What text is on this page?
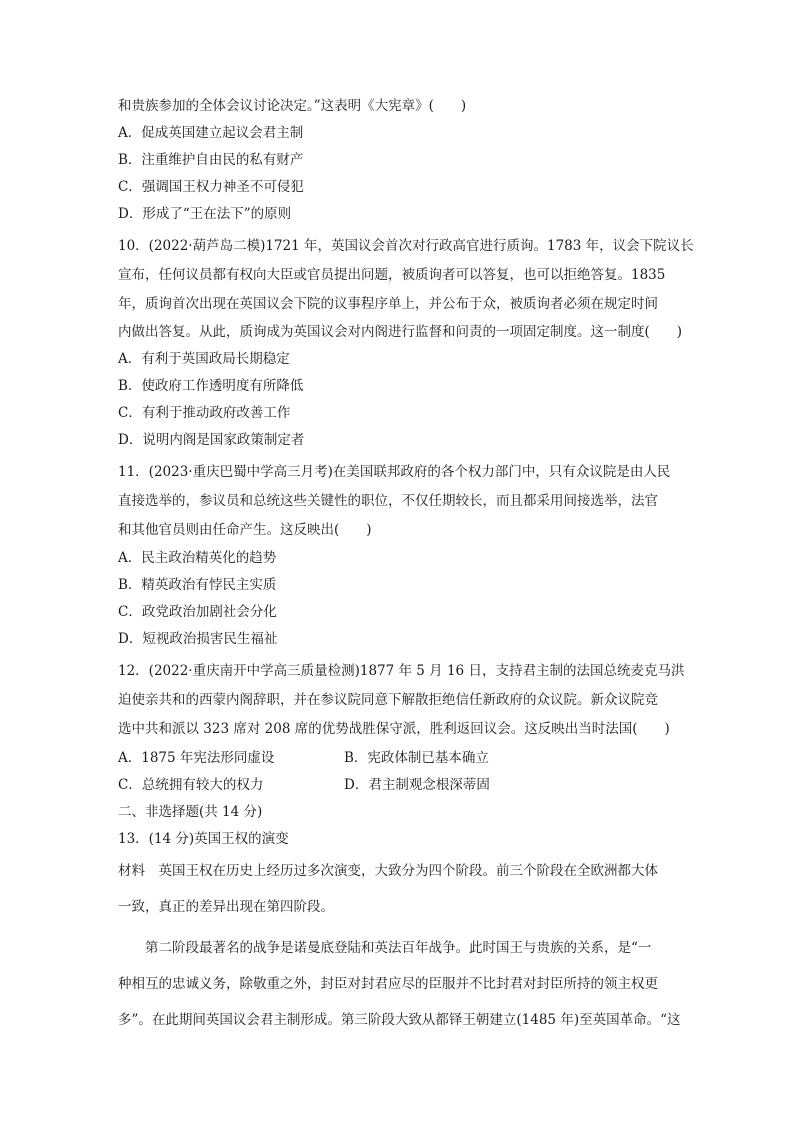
和贵族参加的全体会议讨论决定。”这表明《大宪章》(　　)
A．促成英国建立起议会君主制
B．注重维护自由民的私有财产
C．强调国王权力神圣不可侵犯
D．形成了“王在法下”的原则
10．(2022·葫芦岛二模)1721 年，英国议会首次对行政高官进行质询。1783 年，议会下院议长
宣布，任何议员都有权向大臣或官员提出问题，被质询者可以答复，也可以拒绝答复。1835
年，质询首次出现在英国议会下院的议事程序单上，并公布于众，被质询者必须在规定时间
内做出答复。从此，质询成为英国议会对内阁进行监督和问责的一项固定制度。这一制度(　　)
A．有利于英国政局长期稳定
B．使政府工作透明度有所降低
C．有利于推动政府改善工作
D．说明内阁是国家政策制定者
11．(2023·重庆巴蜀中学高三月考)在美国联邦政府的各个权力部门中，只有众议院是由人民
直接选举的，参议员和总统这些关键性的职位，不仅任期较长，而且都采用间接选举，法官
和其他官员则由任命产生。这反映出(　　)
A．民主政治精英化的趋势
B．精英政治有悖民主实质
C．政党政治加剧社会分化
D．短视政治损害民生福祉
12．(2022·重庆南开中学高三质量检测)1877 年 5 月 16 日，支持君主制的法国总统麦克马洪
迫使亲共和的西蒙内阁辞职，并在参议院同意下解散拒绝信任新政府的众议院。新众议院竞
选中共和派以 323 席对 208 席的优势战胜保守派，胜利返回议会。这反映出当时法国(　　)
A．1875 年宪法形同虚设	B．宪政体制已基本确立
C．总统拥有较大的权力	D．君主制观念根深蒂固
二、非选择题(共 14 分)
13．(14 分)英国王权的演变
材料　英国王权在历史上经历过多次演变，大致分为四个阶段。前三个阶段在全欧洲都大体
一致，真正的差异出现在第四阶段。
　　第二阶段最著名的战争是诺曼底登陆和英法百年战争。此时国王与贵族的关系，是“一
种相互的忠诚义务，除敬重之外，封臣对封君应尽的臣服并不比封君对封臣所持的领主权更
多”。在此期间英国议会君主制形成。第三阶段大致从都铎王朝建立(1485 年)至英国革命。“这
